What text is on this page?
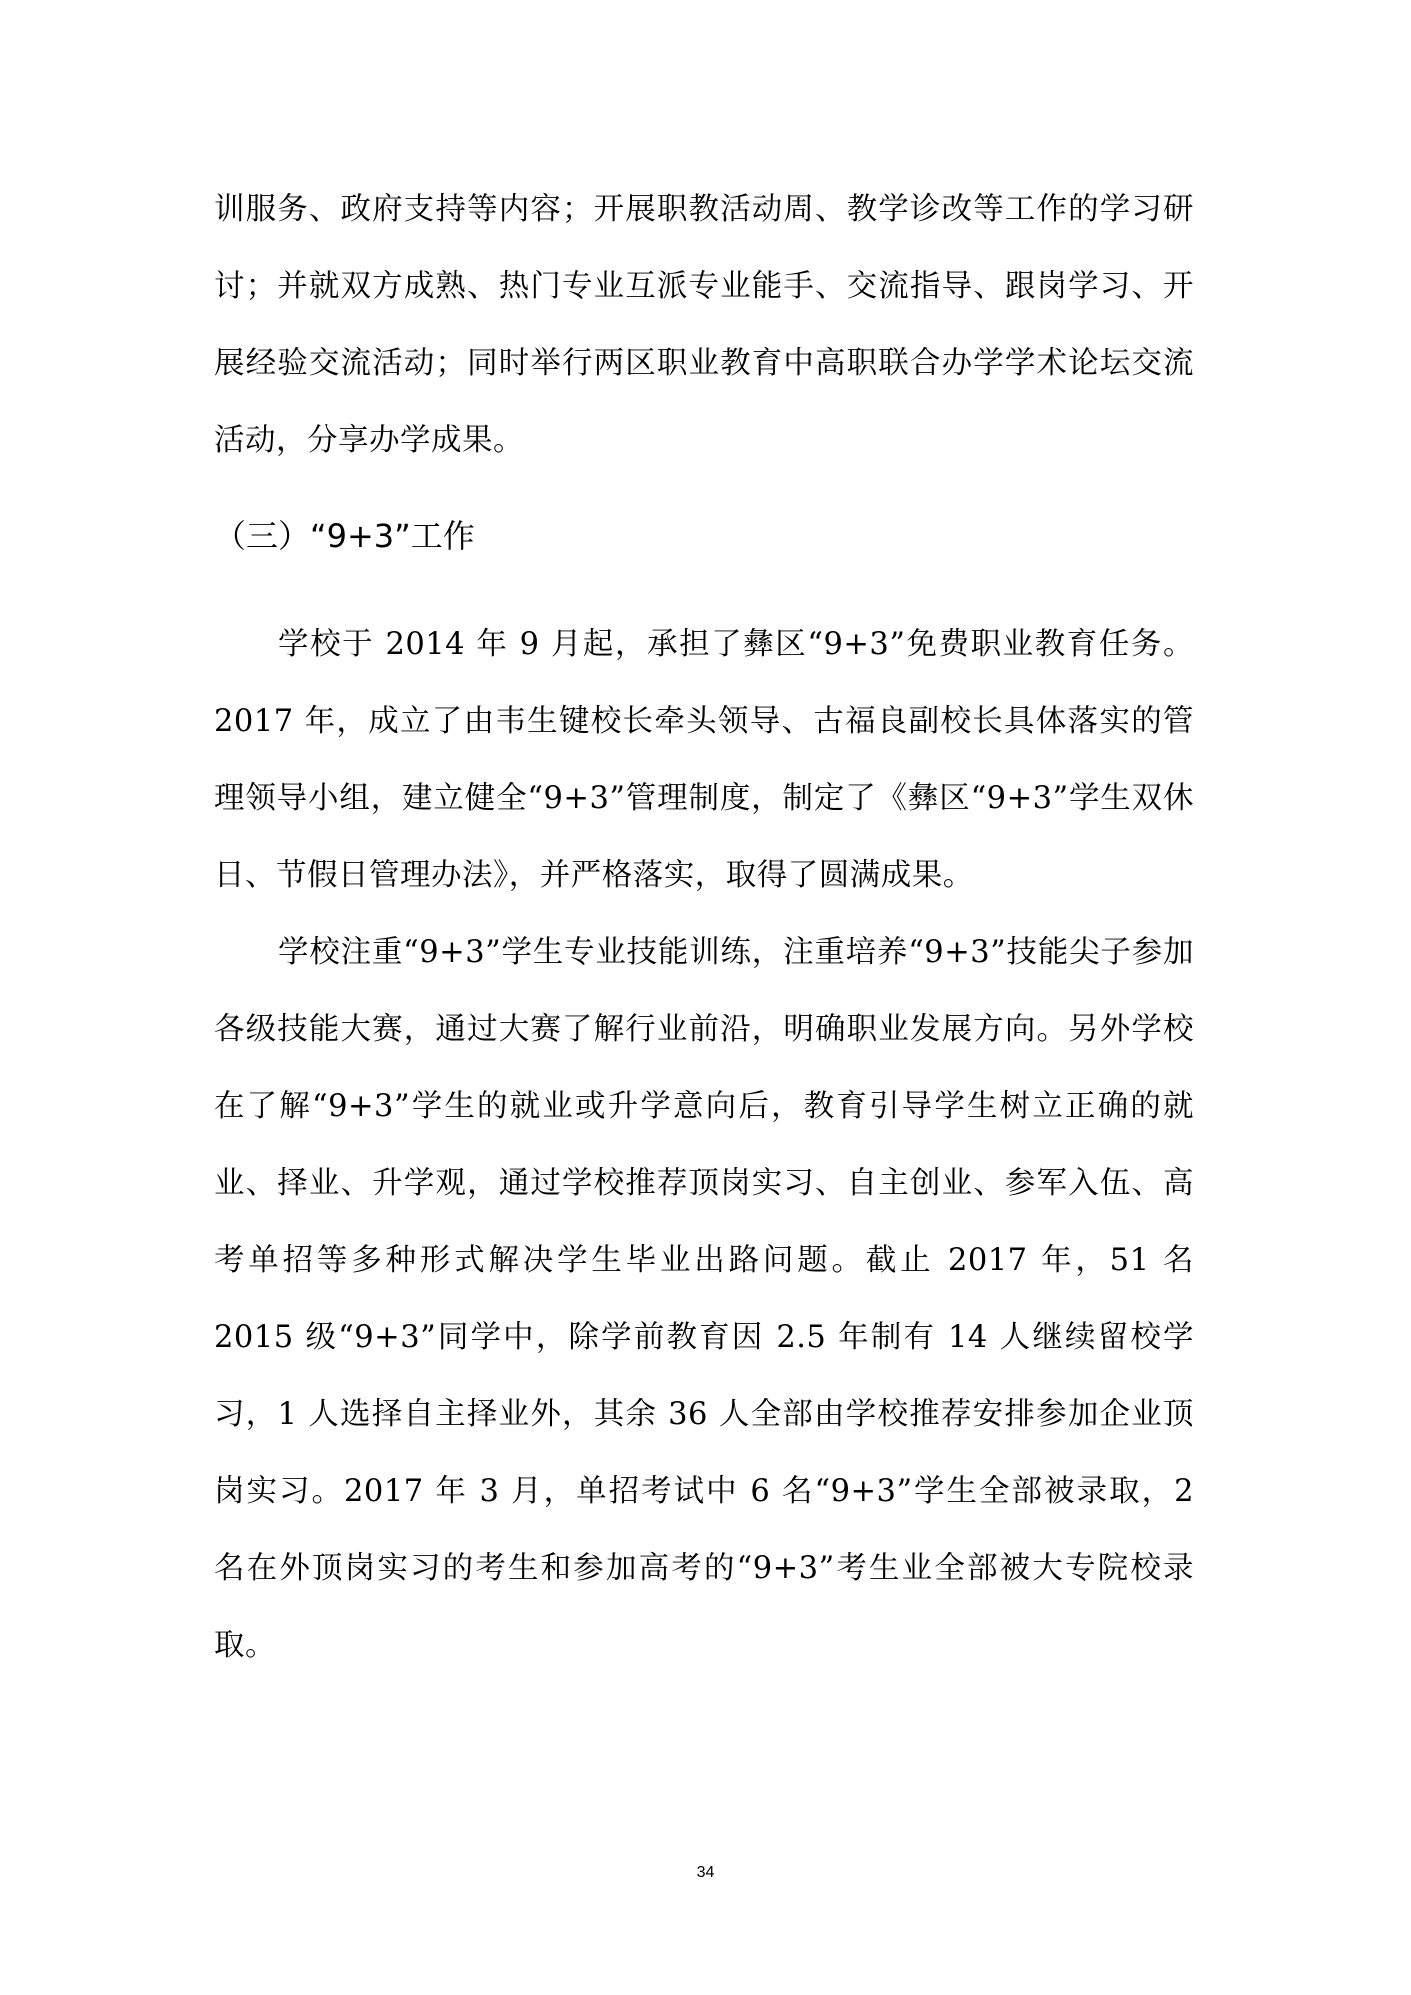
训服务、政府支持等内容；开展职教活动周、教学诊改等工作的学习研讨；并就双方成熟、热门专业互派专业能手、交流指导、跟岗学习、开展经验交流活动；同时举行两区职业教育中高职联合办学学术论坛交流活动，分享办学成果。

（三）“9+3”工作

学校于 2014 年 9 月起，承担了彝区“9+3”免费职业教育任务。2017 年，成立了由韦生键校长牵头领导、古福良副校长具体落实的管理领导小组，建立健全“9+3”管理制度，制定了《彝区“9+3”学生双休日、节假日管理办法》，并严格落实，取得了圆满成果。

学校注重“9+3”学生专业技能训练，注重培养“9+3”技能尖子参加各级技能大赛，通过大赛了解行业前沿，明确职业发展方向。另外学校在了解“9+3”学生的就业或升学意向后，教育引导学生树立正确的就业、择业、升学观，通过学校推荐顶岗实习、自主创业、参军入伍、高考单招等多种形式解决学生毕业出路问题。截止 2017 年，51 名 2015 级“9+3”同学中，除学前教育因 2.5 年制有 14 人继续留校学习，1 人选择自主择业外，其余 36 人全部由学校推荐安排参加企业顶岗实习。2017 年 3 月，单招考试中 6 名“9+3”学生全部被录取，2 名在外顶岗实习的考生和参加高考的“9+3”考生业全部被大专院校录取。

34
